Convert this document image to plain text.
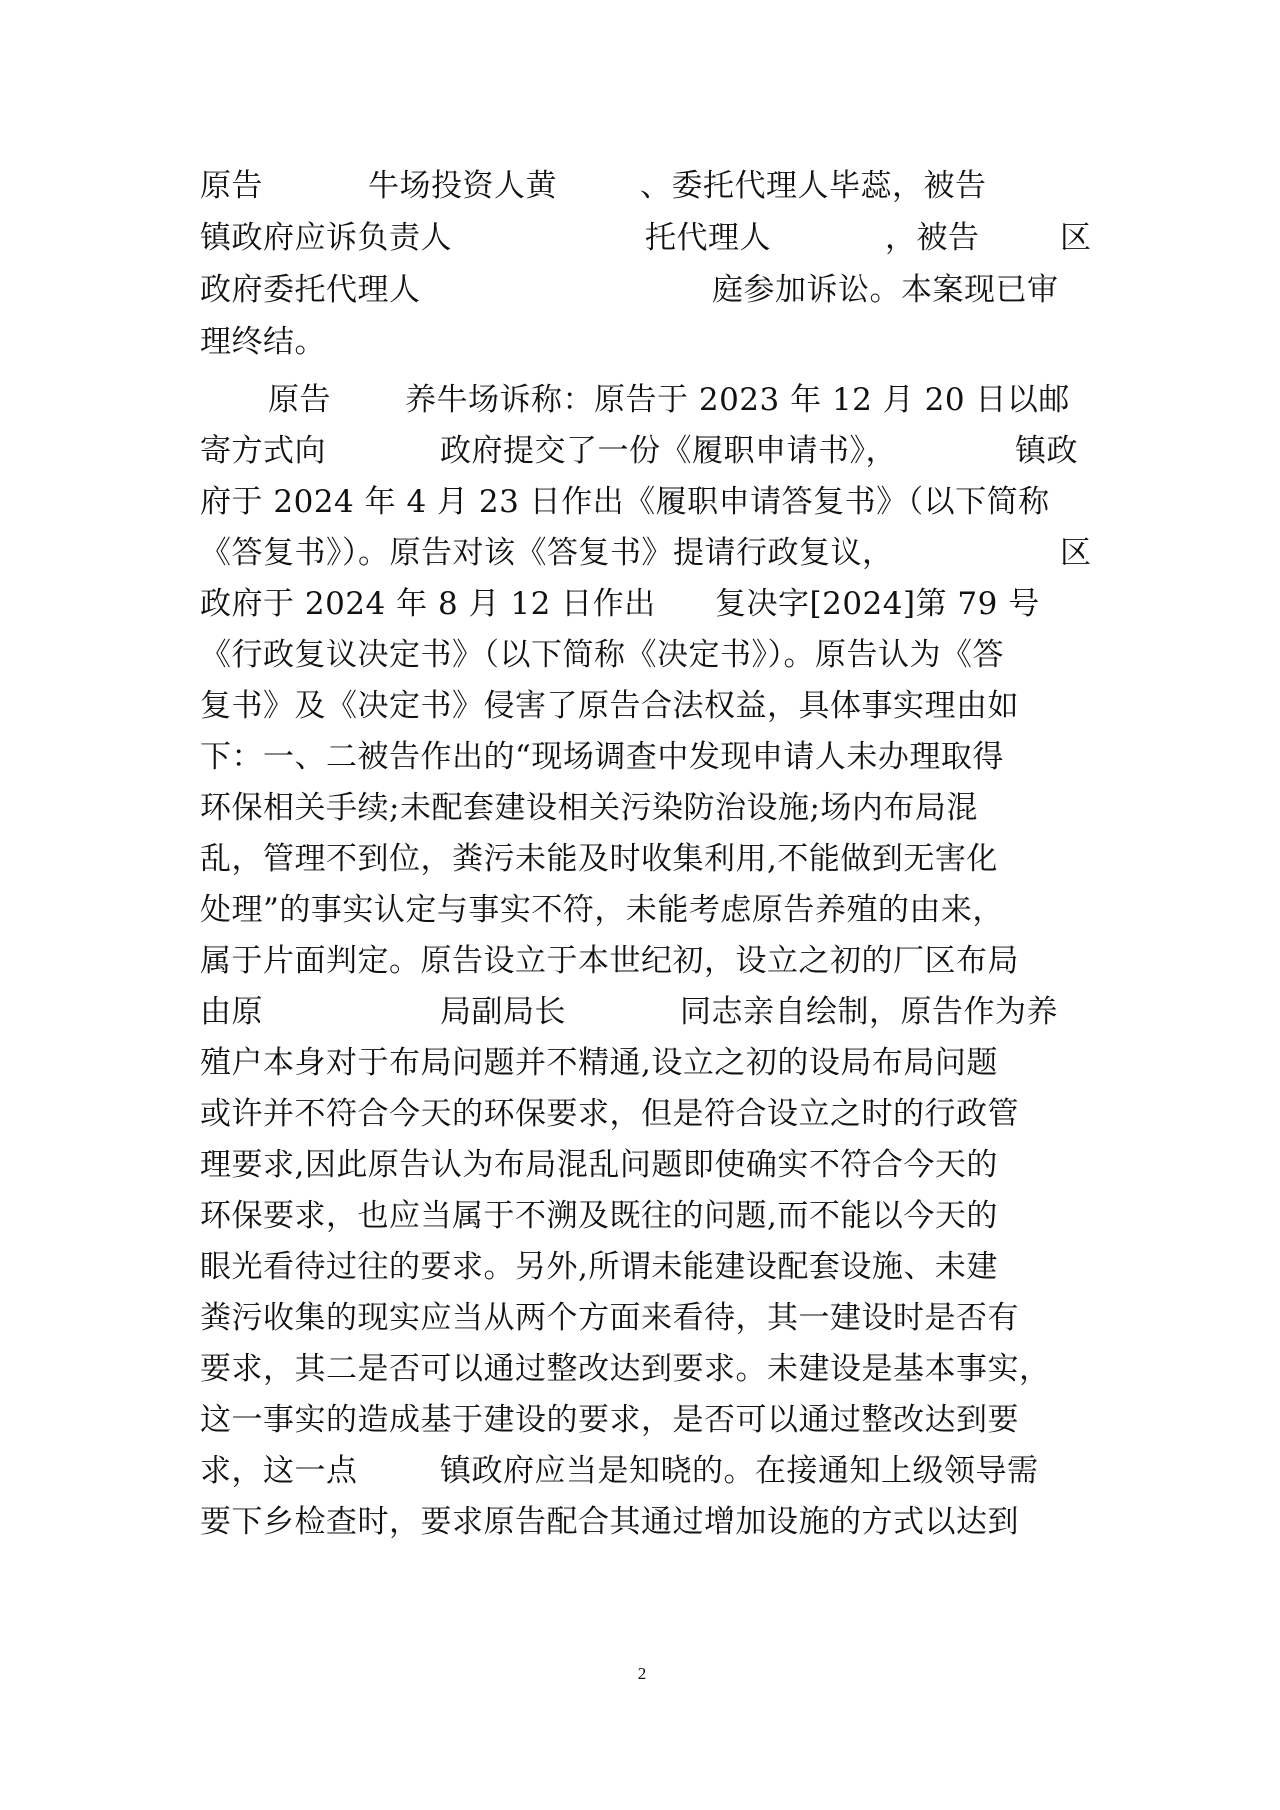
原告

	牛场投资人黄

	、委托代理人毕蕊，被告

镇政府应诉负责人

	托代理人

	，被告

	区

政府委托代理人

	庭参加诉讼。本案现已审

理终结。

原告

养牛场诉称：原告于 2023 年 12 月 20 日以邮

寄方式向

	政府提交了一份《履职申请书》，

	镇政

府于 2024 年 4 月 23 日作出《履职申请答复书》（以下简称

《答复书》）。原告对该《答复书》提请行政复议，

	区

政府于 2024 年 8 月 12 日作出

复决字[2024]第 79 号

《行政复议决定书》（以下简称《决定书》）。原告认为《答

复书》及《决定书》侵害了原告合法权益，具体事实理由如

下：一、二被告作出的“现场调查中发现申请人未办理取得

环保相关手续;未配套建设相关污染防治设施;场内布局混

乱，管理不到位，粪污未能及时收集利用,不能做到无害化

处理”的事实认定与事实不符，未能考虑原告养殖的由来，

属于片面判定。原告设立于本世纪初，设立之初的厂区布局

由原

	局副局长

	同志亲自绘制，原告作为养

殖户本身对于布局问题并不精通,设立之初的设局布局问题

或许并不符合今天的环保要求，但是符合设立之时的行政管

理要求,因此原告认为布局混乱问题即使确实不符合今天的

环保要求，也应当属于不溯及既往的问题,而不能以今天的

眼光看待过往的要求。另外,所谓未能建设配套设施、未建

粪污收集的现实应当从两个方面来看待，其一建设时是否有

要求，其二是否可以通过整改达到要求。未建设是基本事实，

这一事实的造成基于建设的要求，是否可以通过整改达到要

求，这一点

	镇政府应当是知晓的。在接通知上级领导需

要下乡检查时，要求原告配合其通过增加设施的方式以达到

2
